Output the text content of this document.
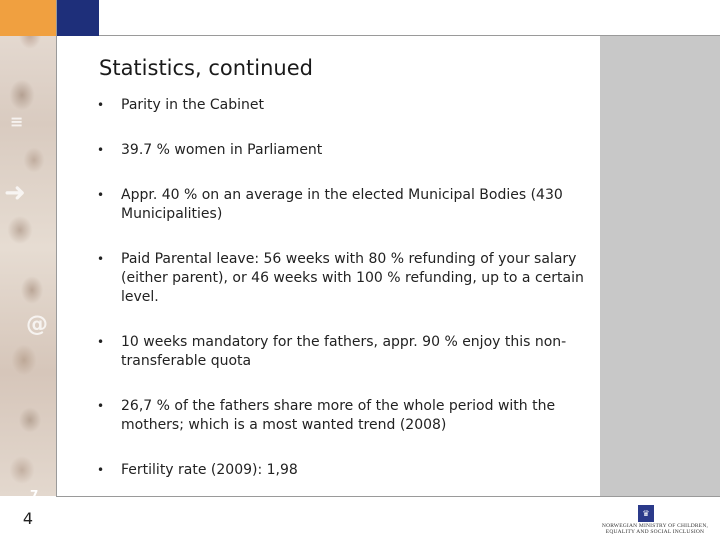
≡
➜
@
7
4
Statistics, continued
• Parity in the Cabinet
• 39.7 % women in Parliament
• Appr. 40 % on an average in the elected Municipal Bodies (430 Municipalities)
• Paid Parental leave: 56 weeks with 80 % refunding of your salary (either parent), or 46 weeks with 100 % refunding, up to a certain level.
• 10 weeks mandatory for the fathers, appr. 90 % enjoy this non-transferable quota
• 26,7 % of the fathers share more of the whole period with the mothers; which is a most wanted trend (2008)
• Fertility rate (2009): 1,98
♛
NORWEGIAN MINISTRY OF CHILDREN, EQUALITY AND SOCIAL INCLUSION
